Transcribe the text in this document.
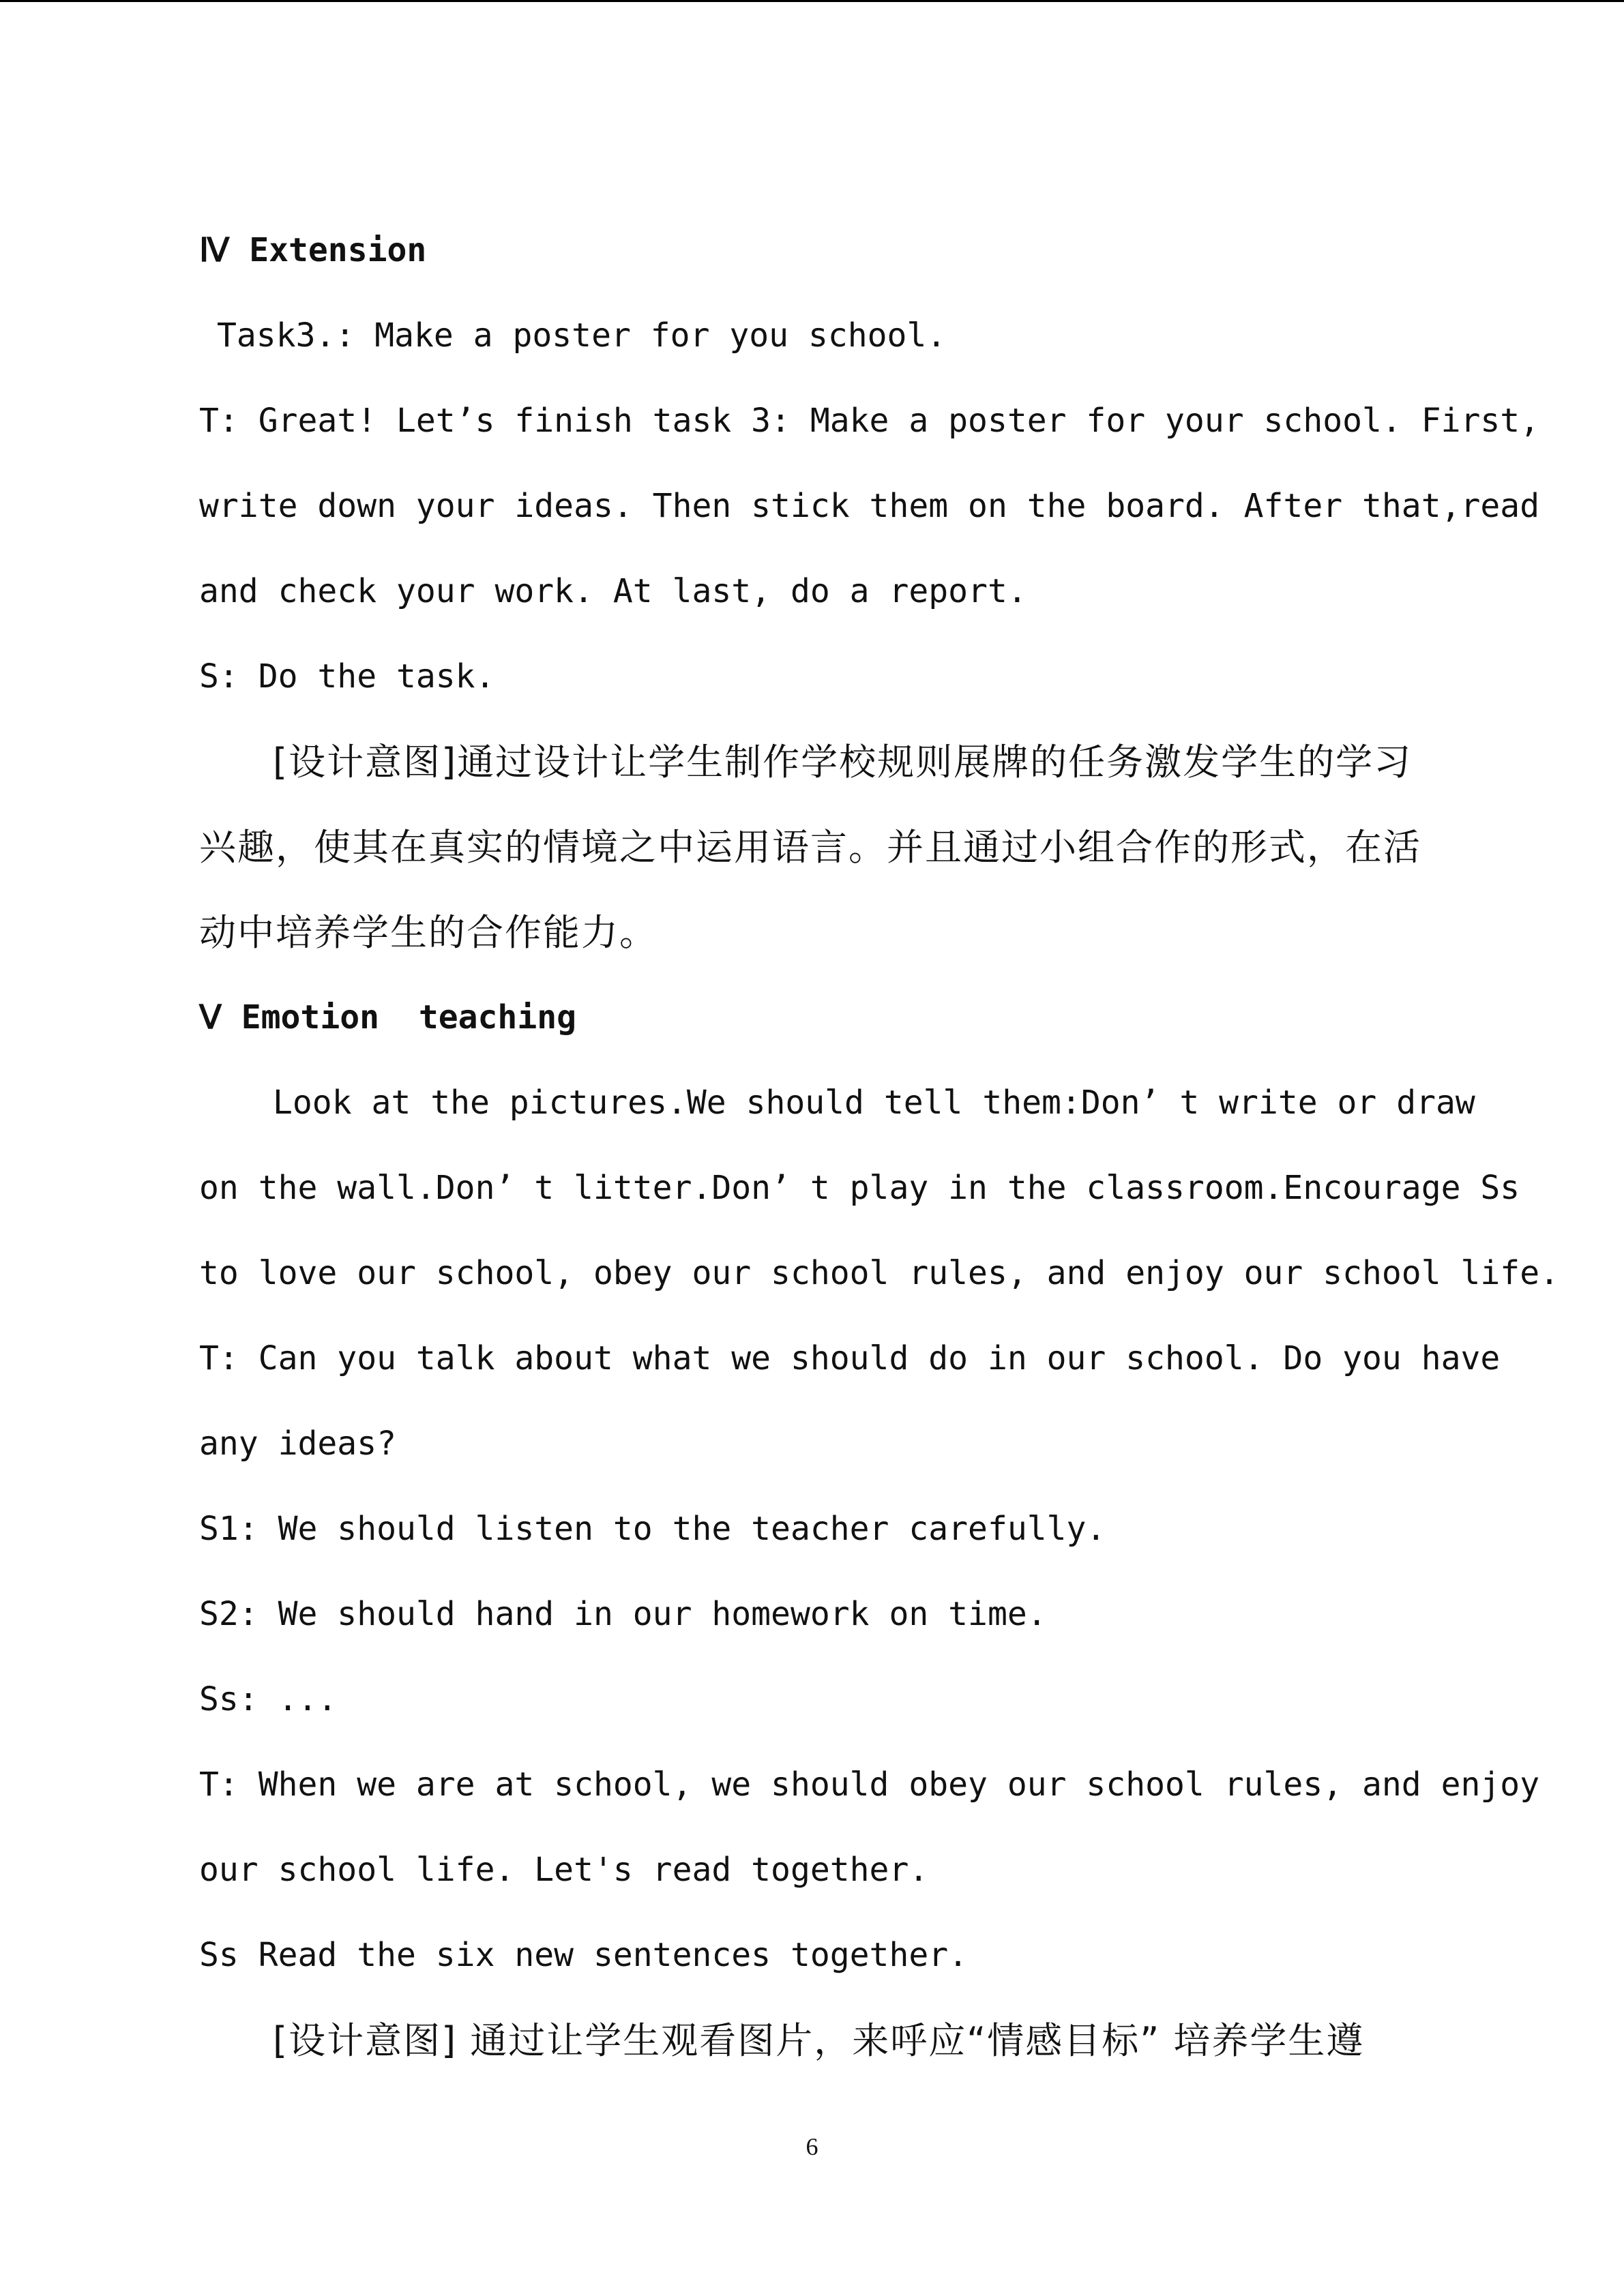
Ⅳ Extension
Task3.: Make a poster for you school.
T: Great! Let’s finish task 3: Make a poster for your school. First,
write down your ideas. Then stick them on the board. After that,read
and check your work. At last, do a report.
S: Do the task.
[设计意图]通过设计让学生制作学校规则展牌的任务激发学生的学习
兴趣，使其在真实的情境之中运用语言。并且通过小组合作的形式，在活
动中培养学生的合作能力。
Ⅴ Emotion  teaching
Look at the pictures.We should tell them:Don’ t write or draw
on the wall.Don’ t litter.Don’ t play in the classroom.Encourage Ss
to love our school, obey our school rules, and enjoy our school life.
T: Can you talk about what we should do in our school. Do you have
any ideas?
S1: We should listen to the teacher carefully.
S2: We should hand in our homework on time.
Ss: ...
T: When we are at school, we should obey our school rules, and enjoy
our school life. Let's read together.
Ss Read the six new sentences together.
[设计意图] 通过让学生观看图片，来呼应“情感目标” 培养学生遵
6
